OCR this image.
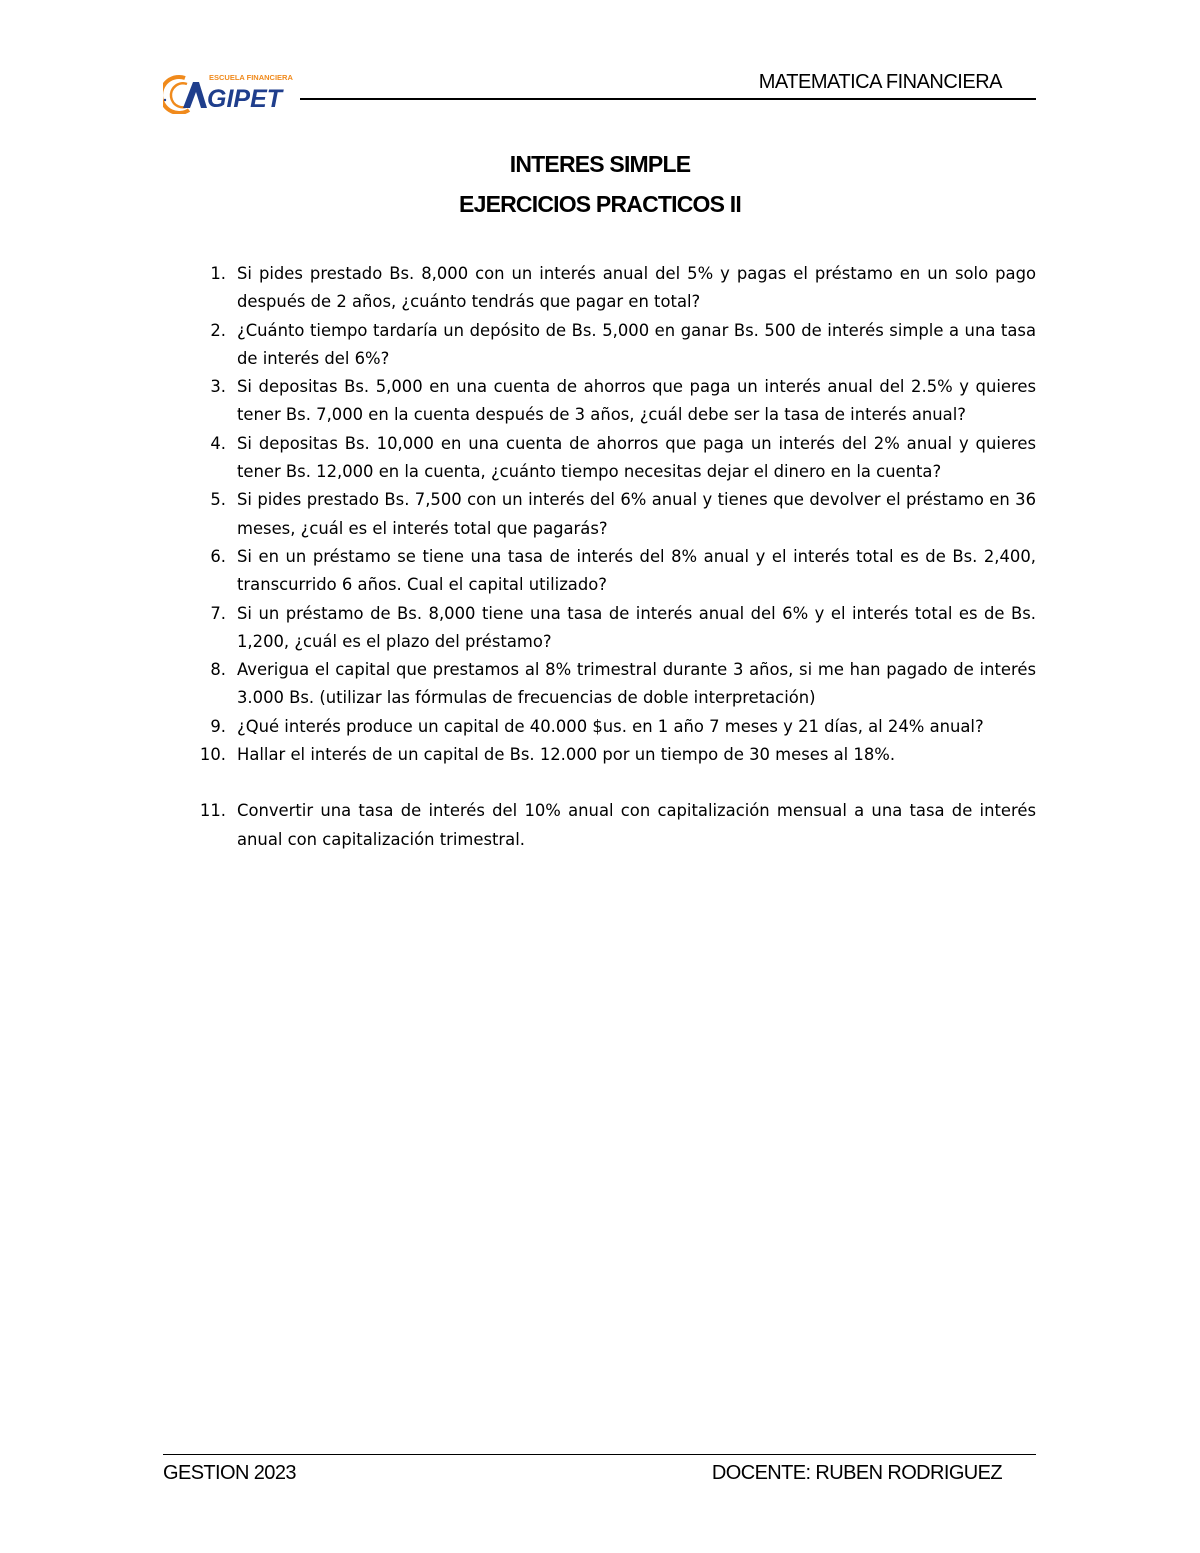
ESCUELA FINANCIERA
GIPET
MATEMATICA FINANCIERA
INTERES SIMPLE
EJERCICIOS PRACTICOS II
1. Si pides prestado Bs. 8,000 con un interés anual del 5% y pagas el préstamo en un solo pago después de 2 años, ¿cuánto tendrás que pagar en total?
2. ¿Cuánto tiempo tardaría un depósito de Bs. 5,000 en ganar Bs. 500 de interés simple a una tasa de interés del 6%?
3. Si depositas Bs. 5,000 en una cuenta de ahorros que paga un interés anual del 2.5% y quieres tener Bs. 7,000 en la cuenta después de 3 años, ¿cuál debe ser la tasa de interés anual?
4. Si depositas Bs. 10,000 en una cuenta de ahorros que paga un interés del 2% anual y quieres tener Bs. 12,000 en la cuenta, ¿cuánto tiempo necesitas dejar el dinero en la cuenta?
5. Si pides prestado Bs. 7,500 con un interés del 6% anual y tienes que devolver el préstamo en 36 meses, ¿cuál es el interés total que pagarás?
6. Si en un préstamo se tiene una tasa de interés del 8% anual y el interés total es de Bs. 2,400, transcurrido 6 años. Cual el capital utilizado?
7. Si un préstamo de Bs. 8,000 tiene una tasa de interés anual del 6% y el interés total es de Bs. 1,200, ¿cuál es el plazo del préstamo?
8. Averigua el capital que prestamos al 8% trimestral durante 3 años, si me han pagado de interés 3.000 Bs. (utilizar las fórmulas de frecuencias de doble interpretación)
9. ¿Qué interés produce un capital de 40.000 $us. en 1 año 7 meses y 21 días, al 24% anual?
10. Hallar el interés de un capital de Bs. 12.000 por un tiempo de 30 meses al 18%.
11. Convertir una tasa de interés del 10% anual con capitalización mensual a una tasa de interés anual con capitalización trimestral.
GESTION 2023	DOCENTE: RUBEN RODRIGUEZ
